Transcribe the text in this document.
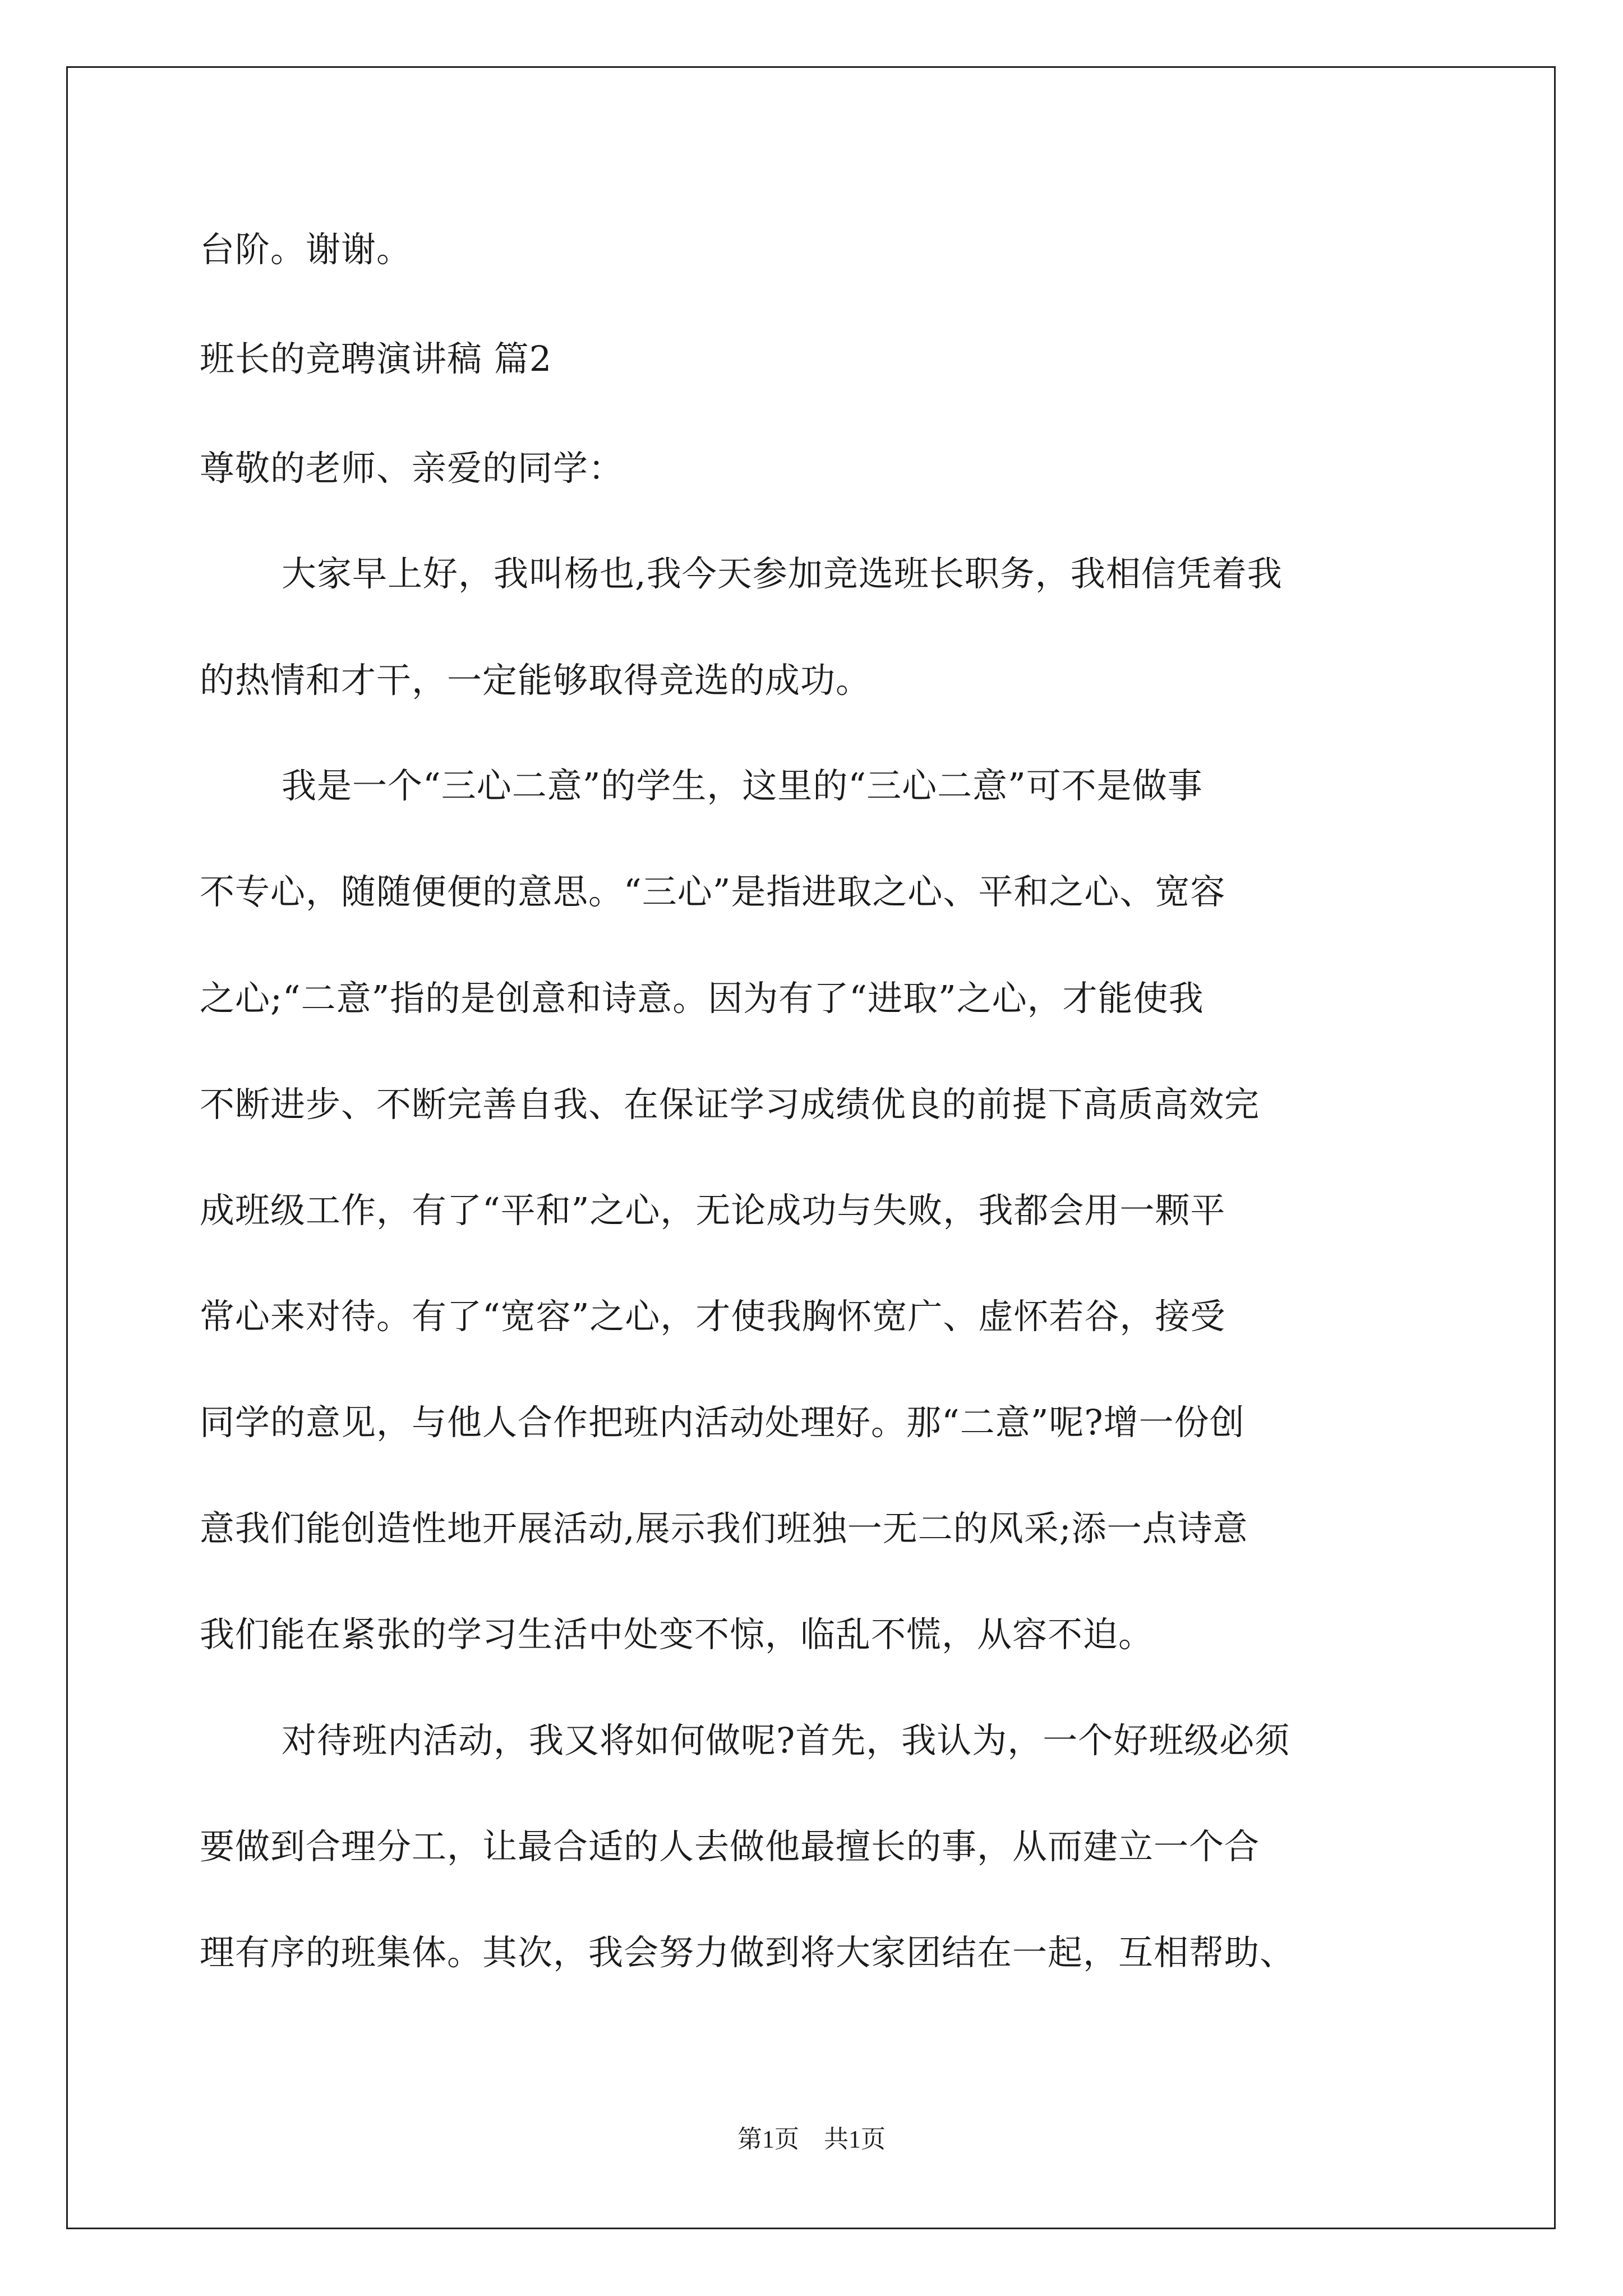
台阶。谢谢。
班长的竞聘演讲稿 篇2
尊敬的老师、亲爱的同学：
大家早上好，我叫杨也,我今天参加竞选班长职务，我相信凭着我
的热情和才干，一定能够取得竞选的成功。
我是一个“三心二意”的学生，这里的“三心二意”可不是做事
不专心，随随便便的意思。“三心”是指进取之心、平和之心、宽容
之心;“二意”指的是创意和诗意。因为有了“进取”之心，才能使我
不断进步、不断完善自我、在保证学习成绩优良的前提下高质高效完
成班级工作，有了“平和”之心，无论成功与失败，我都会用一颗平
常心来对待。有了“宽容”之心，才使我胸怀宽广、虚怀若谷，接受
同学的意见，与他人合作把班内活动处理好。那“二意”呢?增一份创
意我们能创造性地开展活动,展示我们班独一无二的风采;添一点诗意
我们能在紧张的学习生活中处变不惊，临乱不慌，从容不迫。
对待班内活动，我又将如何做呢?首先，我认为，一个好班级必须
要做到合理分工，让最合适的人去做他最擅长的事，从而建立一个合
理有序的班集体。其次，我会努力做到将大家团结在一起，互相帮助、
第1页　共1页
